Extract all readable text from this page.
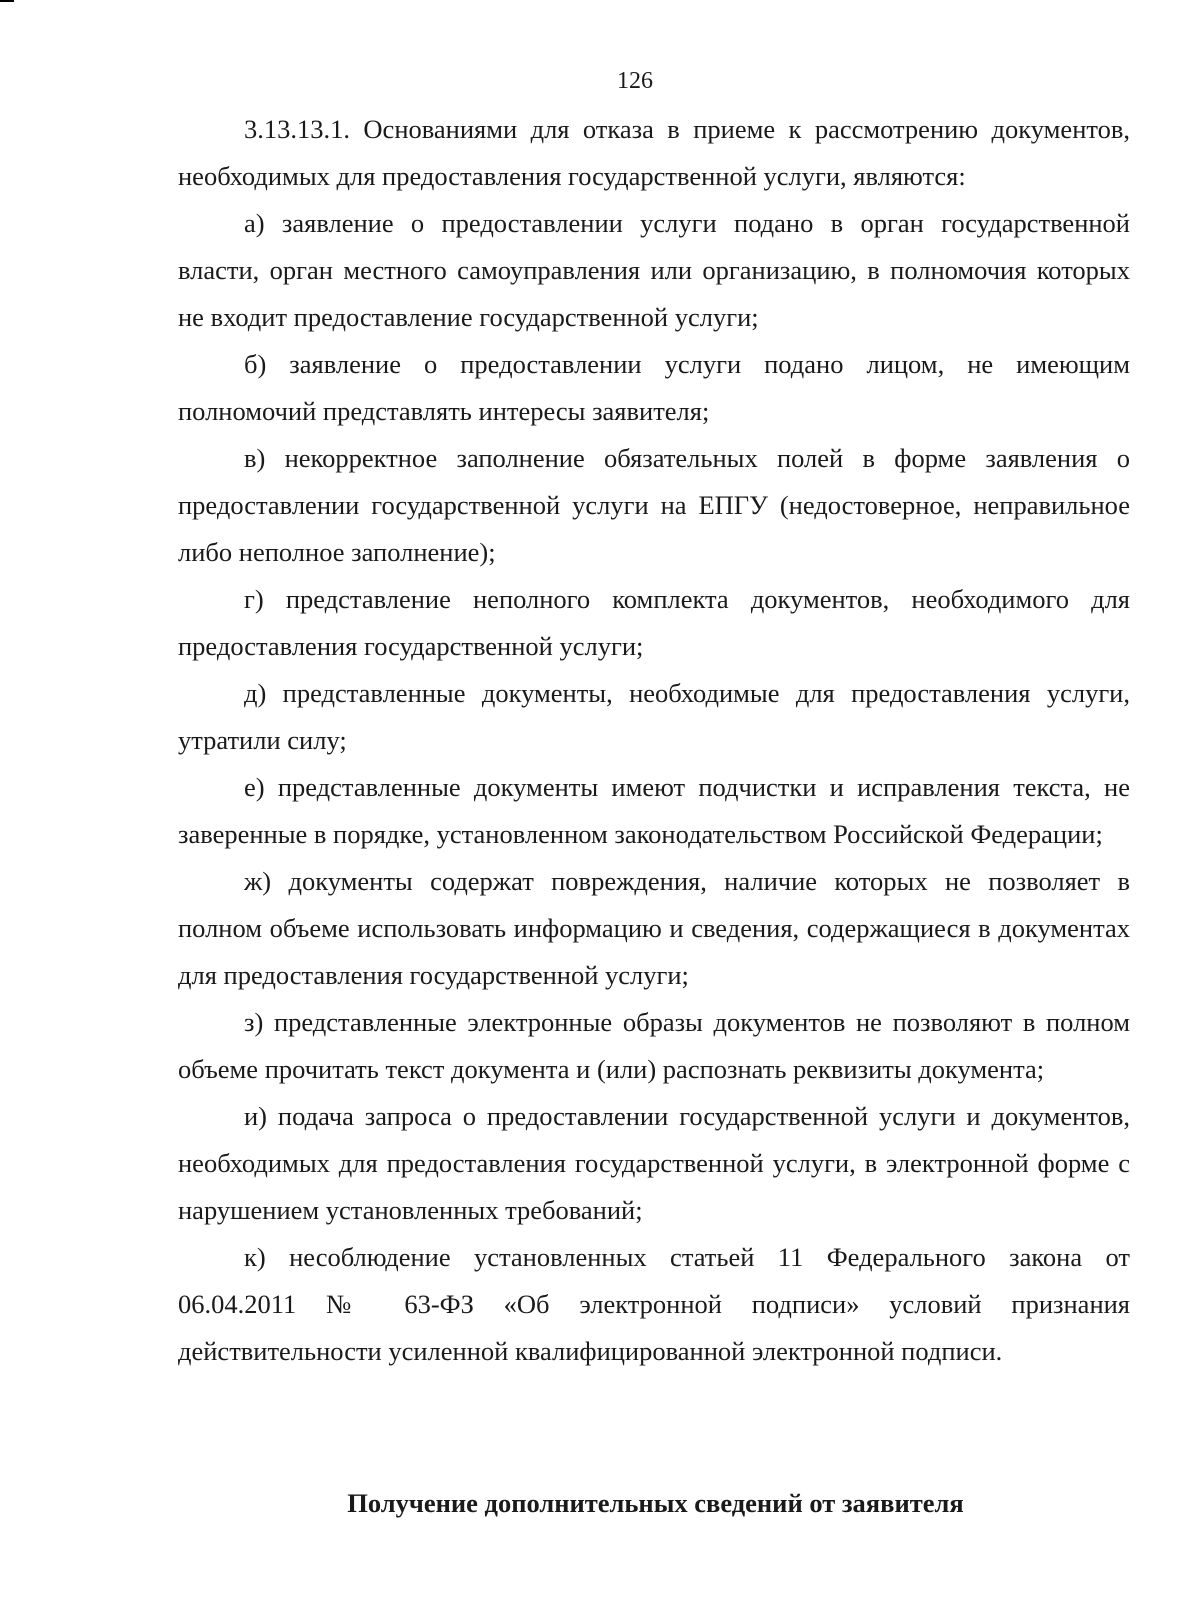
126

3.13.13.1. Основаниями для отказа в приеме к рассмотрению документов, необходимых для предоставления государственной услуги, являются:

а) заявление о предоставлении услуги подано в орган государственной власти, орган местного самоуправления или организацию, в полномочия которых не входит предоставление государственной услуги;

б) заявление о предоставлении услуги подано лицом, не имеющим полномочий представлять интересы заявителя;

в) некорректное заполнение обязательных полей в форме заявления о предоставлении государственной услуги на ЕПГУ (недостоверное, неправильное либо неполное заполнение);

г) представление неполного комплекта документов, необходимого для предоставления государственной услуги;

д) представленные документы, необходимые для предоставления услуги, утратили силу;

е) представленные документы имеют подчистки и исправления текста, не заверенные в порядке, установленном законодательством Российской Федерации;

ж) документы содержат повреждения, наличие которых не позволяет в полном объеме использовать информацию и сведения, содержащиеся в документах для предоставления государственной услуги;

з) представленные электронные образы документов не позволяют в полном объеме прочитать текст документа и (или) распознать реквизиты документа;

и) подача запроса о предоставлении государственной услуги и документов, необходимых для предоставления государственной услуги, в электронной форме с нарушением установленных требований;

к) несоблюдение установленных статьей 11 Федерального закона от 06.04.2011 № 63-ФЗ «Об электронной подписи» условий признания действительности усиленной квалифицированной электронной подписи.

Получение дополнительных сведений от заявителя
